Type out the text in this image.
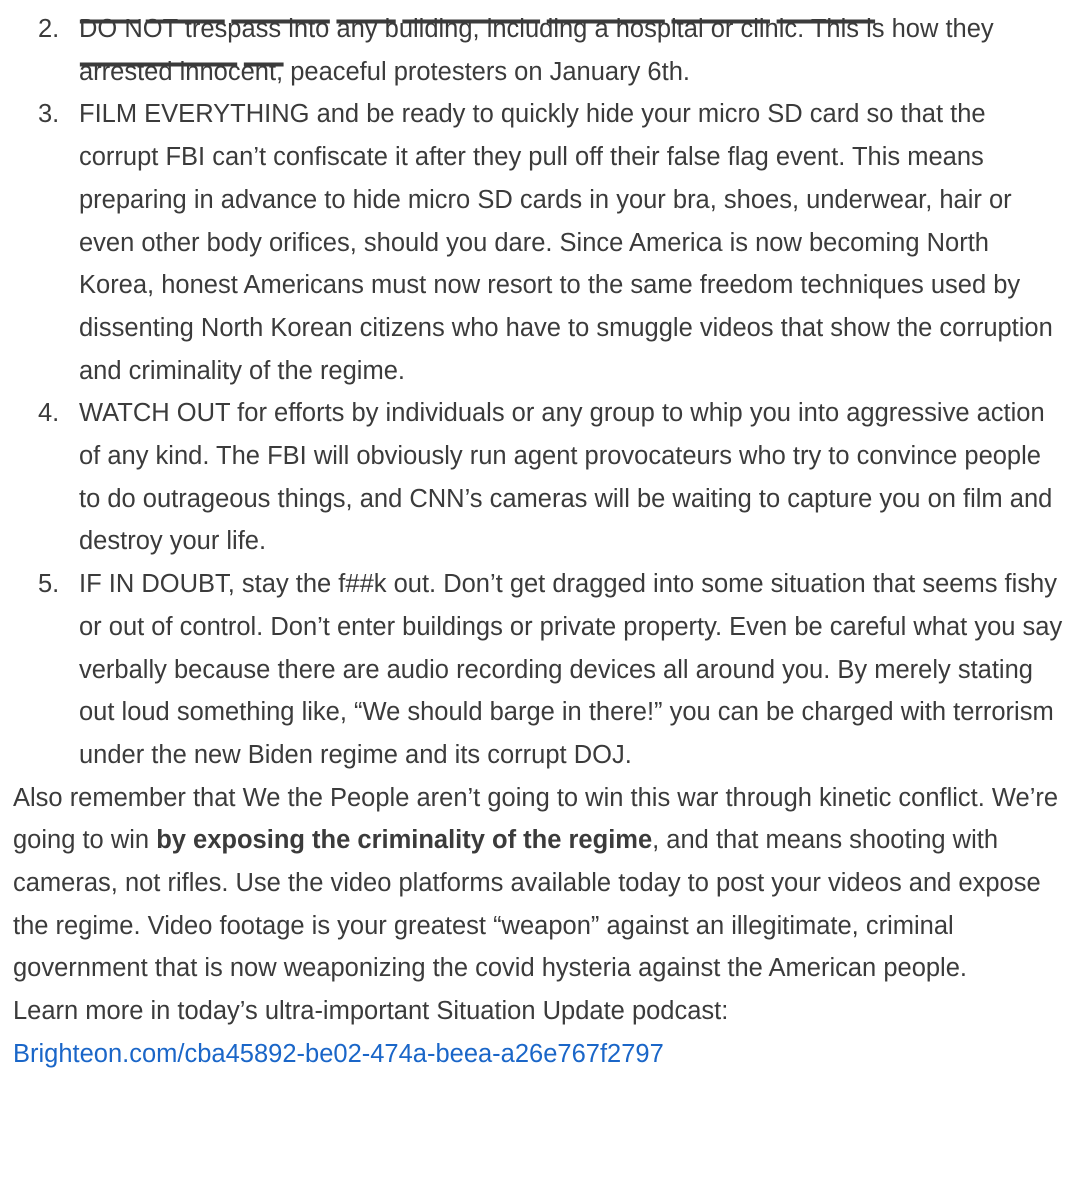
▁▁▁ ▁▁▁▁ ▁▁▁▁▁ ▁▁▁ ▁▁▁▁▁▁▁ ▁▁▁▁▁▁ ▁▁▁▁▁ ▁▁▁▁▁ ▁▁▁▁▁▁▁▁ ▁▁
2. DO NOT trespass into any building, including a hospital or clinic. This is how they arrested innocent, peaceful protesters on January 6th.
3. FILM EVERYTHING and be ready to quickly hide your micro SD card so that the corrupt FBI can’t confiscate it after they pull off their false flag event. This means preparing in advance to hide micro SD cards in your bra, shoes, underwear, hair or even other body orifices, should you dare. Since America is now becoming North Korea, honest Americans must now resort to the same freedom techniques used by dissenting North Korean citizens who have to smuggle videos that show the corruption and criminality of the regime.
4. WATCH OUT for efforts by individuals or any group to whip you into aggressive action of any kind. The FBI will obviously run agent provocateurs who try to convince people to do outrageous things, and CNN’s cameras will be waiting to capture you on film and destroy your life.
5. IF IN DOUBT, stay the f##k out. Don’t get dragged into some situation that seems fishy or out of control. Don’t enter buildings or private property. Even be careful what you say verbally because there are audio recording devices all around you. By merely stating out loud something like, “We should barge in there!” you can be charged with terrorism under the new Biden regime and its corrupt DOJ.

Also remember that We the People aren’t going to win this war through kinetic conflict. We’re going to win by exposing the criminality of the regime, and that means shooting with cameras, not rifles. Use the video platforms available today to post your videos and expose the regime. Video footage is your greatest “weapon” against an illegitimate, criminal government that is now weaponizing the covid hysteria against the American people.

Learn more in today’s ultra-important Situation Update podcast:

Brighteon.com/cba45892-be02-474a-beea-a26e767f2797
